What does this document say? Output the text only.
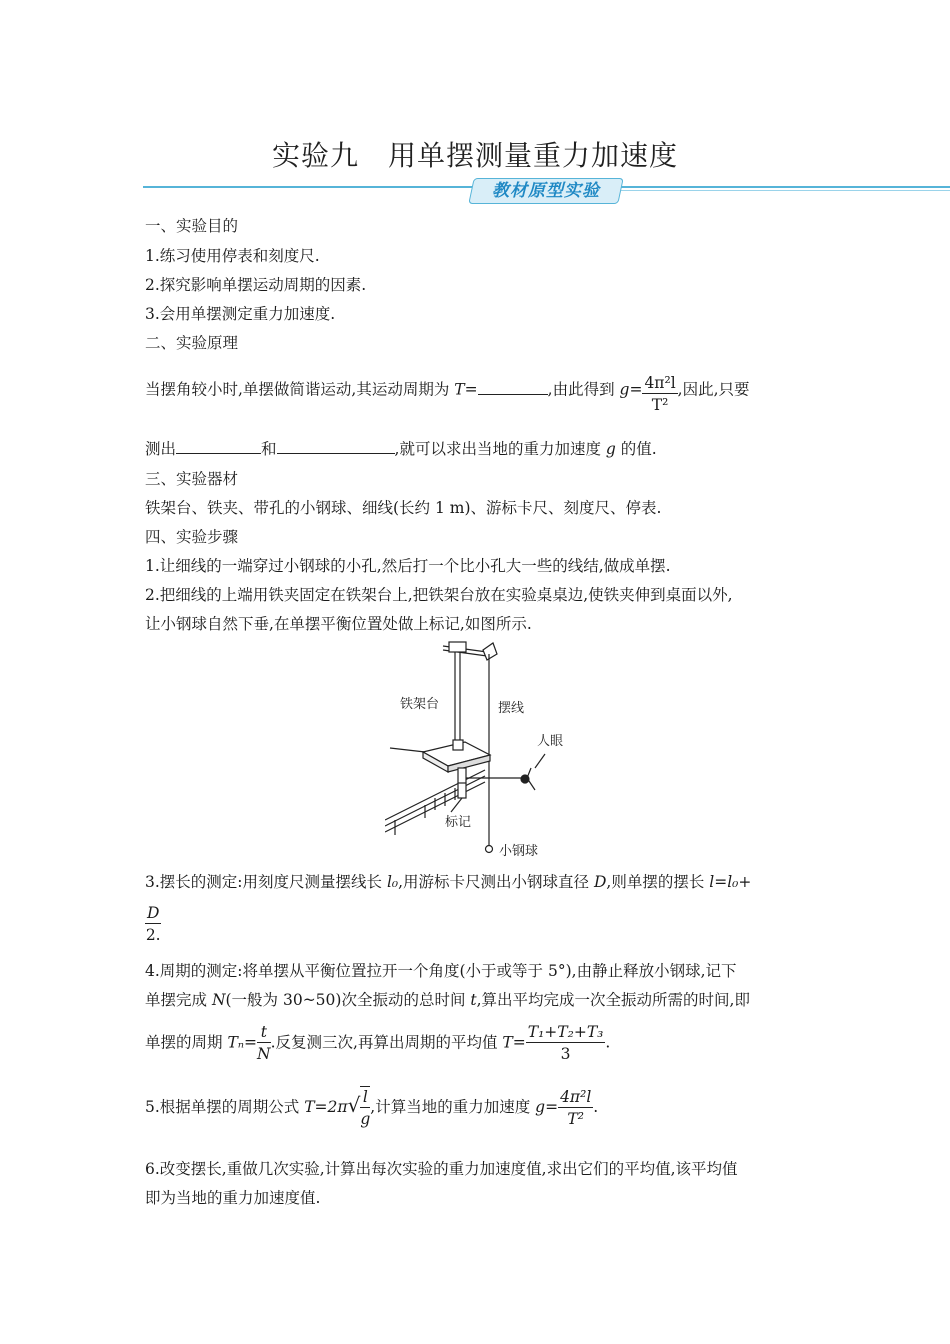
实验九　用单摆测量重力加速度
教材原型实验
一、实验目的
1.练习使用停表和刻度尺.
2.探究影响单摆运动周期的因素.
3.会用单摆测定重力加速度.
二、实验原理
当摆角较小时,单摆做简谐运动,其运动周期为 T=	,由此得到 $g= \frac{\text{4π²l}}{\text{T²}}$ ,因此,只要
测出	和	,就可以求出当地的重力加速度 g 的值.
三、实验器材
铁架台、铁夹、带孔的小钢球、细线(长约 1 m)、游标卡尺、刻度尺、停表.
四、实验步骤
1.让细线的一端穿过小钢球的小孔,然后打一个比小孔大一些的线结,做成单摆.
2.把细线的上端用铁夹固定在铁架台上,把铁架台放在实验桌桌边,使铁夹伸到桌面以外,
让小钢球自然下垂,在单摆平衡位置处做上标记,如图所示.
铁架台	摆线
人眼
标记
小钢球
3.摆长的测定:用刻度尺测量摆线长 l₀,用游标卡尺测出小钢球直径 D,则单摆的摆长 l=l₀+
$\frac{D}{2.}$
4.周期的测定:将单摆从平衡位置拉开一个角度(小于或等于 5°),由静止释放小钢球,记下
单摆完成 N(一般为 30~50)次全振动的总时间 t,算出平均完成一次全振动所需的时间,即
单摆的周期 $T_n= \frac{t}{N}$ .反复测三次,再算出周期的平均值 $T= \frac{\text{T₁+T₂+T₃}}{3}$ .
5.根据单摆的周期公式 $T=2\pi√ \frac{l}{g}$ ,计算当地的重力加速度 $g= \frac{\text{4π²l}}{\text{T²}}$ .
6.改变摆长,重做几次实验,计算出每次实验的重力加速度值,求出它们的平均值,该平均值
即为当地的重力加速度值.
